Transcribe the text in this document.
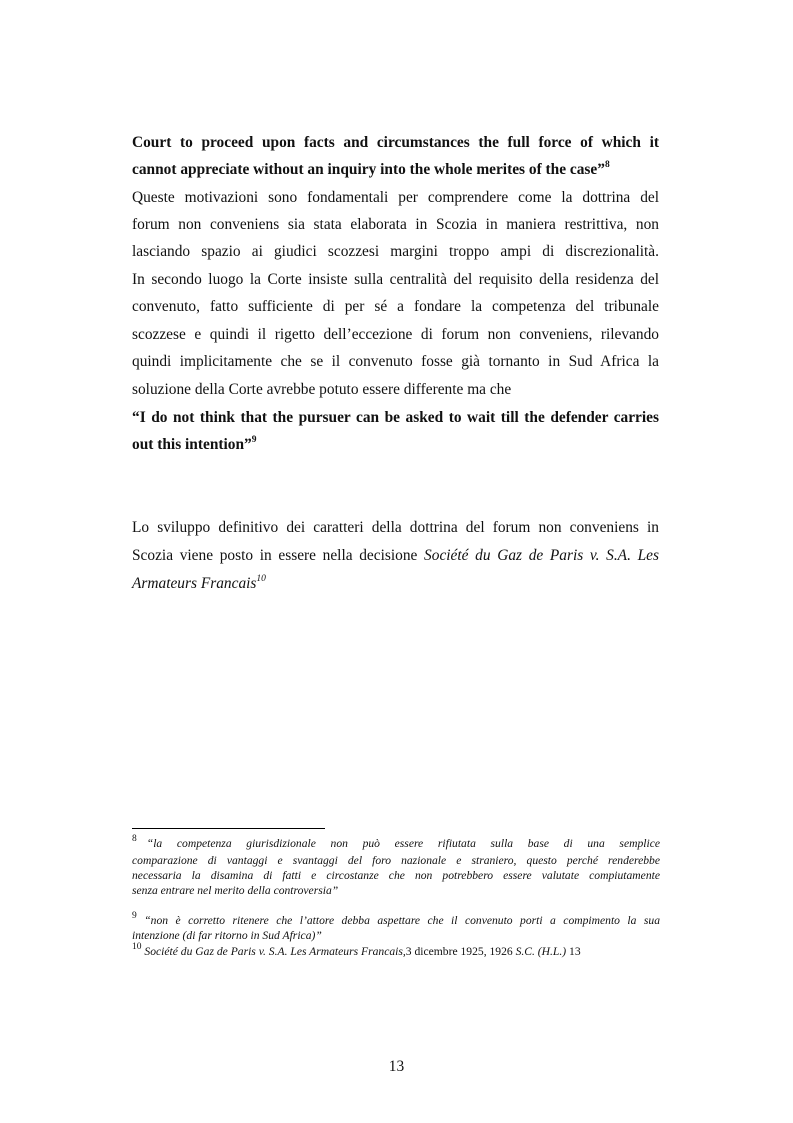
Court to proceed upon facts and circumstances the full force of which it

cannot appreciate without an inquiry into the whole merites of the case”$^8$

Queste motivazioni sono fondamentali per comprendere come la dottrina del

forum non conveniens sia stata elaborata in Scozia in maniera restrittiva, non

lasciando spazio ai giudici scozzesi margini troppo ampi di discrezionalità.

In secondo luogo la Corte insiste sulla centralità del requisito della residenza del

convenuto, fatto sufficiente di per sé a fondare la competenza del tribunale

scozzese e quindi il rigetto dell’eccezione di forum non conveniens, rilevando

quindi implicitamente che se il convenuto fosse già tornanto in Sud Africa la

soluzione della Corte avrebbe potuto essere differente ma che

“I do not think that the pursuer can be asked to wait till the defender carries

out this intention”$^9$

Lo sviluppo definitivo dei caratteri della dottrina del forum non conveniens in

Scozia viene posto in essere nella decisione Société du Gaz de Paris v. S.A. Les

Armateurs Francais$^{10}$

$^8$ “la competenza giurisdizionale non può essere rifiutata sulla base di una semplice

comparazione di vantaggi e svantaggi del foro nazionale e straniero, questo perché renderebbe

necessaria la disamina di fatti e circostanze che non potrebbero essere valutate compiutamente

senza entrare nel merito della controversia”

$^9$ “non è corretto ritenere che l’attore debba aspettare che il convenuto porti a compimento la sua

intenzione (di far ritorno in Sud Africa)”

$^{10}$ Société du Gaz de Paris v. S.A. Les Armateurs Francais,3 dicembre 1925, 1926 S.C. (H.L.) 13

13
